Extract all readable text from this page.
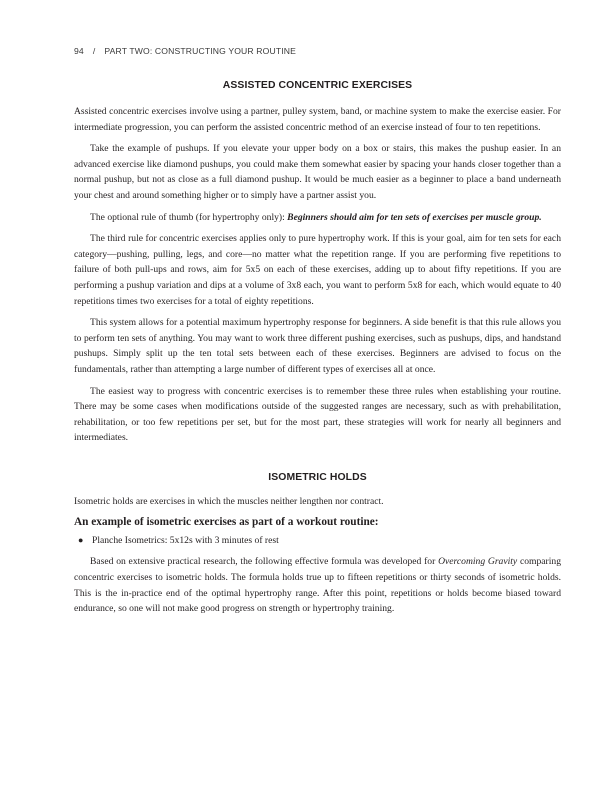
94 / PART TWO: CONSTRUCTING YOUR ROUTINE
ASSISTED CONCENTRIC EXERCISES

Assisted concentric exercises involve using a partner, pulley system, band, or machine system to make the exercise easier. For intermediate progression, you can perform the assisted concentric method of an exercise instead of four to ten repetitions.

Take the example of pushups. If you elevate your upper body on a box or stairs, this makes the pushup easier. In an advanced exercise like diamond pushups, you could make them somewhat easier by spacing your hands closer together than a normal pushup, but not as close as a full diamond pushup. It would be much easier as a beginner to place a band underneath your chest and around something higher or to simply have a partner assist you.

The optional rule of thumb (for hypertrophy only): Beginners should aim for ten sets of exercises per muscle group.

The third rule for concentric exercises applies only to pure hypertrophy work. If this is your goal, aim for ten sets for each category—pushing, pulling, legs, and core—no matter what the repetition range. If you are performing five repetitions to failure of both pull-ups and rows, aim for 5x5 on each of these exercises, adding up to about fifty repetitions. If you are performing a pushup variation and dips at a volume of 3x8 each, you want to perform 5x8 for each, which would equate to 40 repetitions times two exercises for a total of eighty repetitions.

This system allows for a potential maximum hypertrophy response for beginners. A side benefit is that this rule allows you to perform ten sets of anything. You may want to work three different pushing exercises, such as pushups, dips, and handstand pushups. Simply split up the ten total sets between each of these exercises. Beginners are advised to focus on the fundamentals, rather than attempting a large number of different types of exercises all at once.

The easiest way to progress with concentric exercises is to remember these three rules when establishing your routine. There may be some cases when modifications outside of the suggested ranges are necessary, such as with prehabilitation, rehabilitation, or too few repetitions per set, but for the most part, these strategies will work for nearly all beginners and intermediates.

ISOMETRIC HOLDS

Isometric holds are exercises in which the muscles neither lengthen nor contract.

An example of isometric exercises as part of a workout routine:

● Planche Isometrics: 5x12s with 3 minutes of rest

Based on extensive practical research, the following effective formula was developed for Overcoming Gravity comparing concentric exercises to isometric holds. The formula holds true up to fifteen repetitions or thirty seconds of isometric holds. This is the in-practice end of the optimal hypertrophy range. After this point, repetitions or holds become biased toward endurance, so one will not make good progress on strength or hypertrophy training.
